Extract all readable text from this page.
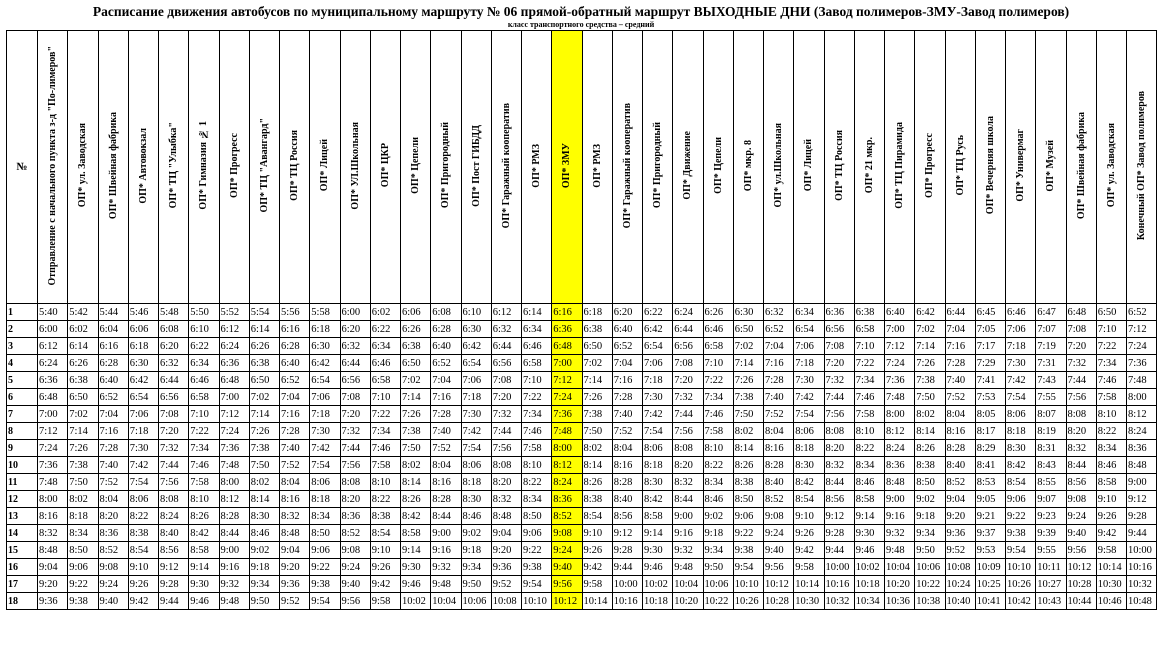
Расписание движения автобусов по муниципальному маршруту № 06 прямой-обратный маршрут ВЫХОДНЫЕ ДНИ (Завод полимеров-ЗМУ-Завод полимеров)
класс транспортного средства – средний
№	Отправление с начального пункта з-д "По-лимеров"	ОП* ул. Заводская	ОП* Швейная фабрика	ОП* Автовокзал	ОП* ТЦ "Улыбка"	ОП* Гимназия № 1	ОП* Прогресс	ОП* ТЦ "Авангард"	ОП* ТЦ Россия	ОП* Лицей	ОП* УЛ.Школьная	ОП* ЦКР	ОП* Цепели	ОП* Пригородный	ОП* Пост ГИБДД	ОП* Гаражный кооператив	ОП* РМЗ	ОП* ЗМУ	ОП* РМЗ	ОП* Гаражный кооператив	ОП* Пригородный	ОП* Движение	ОП* Цепели	ОП* мкр. 8	ОП* ул.Школьная	ОП* Лицей	ОП* ТЦ Россия	ОП* 21 мкр.	ОП* ТЦ Пирамида	ОП* Прогресс	ОП* ТЦ Русь	ОП* Вечерняя школа	ОП* Универмаг	ОП* Музей	ОП* Швейная фабрика	ОП* ул. Заводская	Конечный ОП* Завод полимеров
1	5:40	5:42	5:44	5:46	5:48	5:50	5:52	5:54	5:56	5:58	6:00	6:02	6:06	6:08	6:10	6:12	6:14	6:16	6:18	6:20	6:22	6:24	6:26	6:30	6:32	6:34	6:36	6:38	6:40	6:42	6:44	6:45	6:46	6:47	6:48	6:50	6:52
2	6:00	6:02	6:04	6:06	6:08	6:10	6:12	6:14	6:16	6:18	6:20	6:22	6:26	6:28	6:30	6:32	6:34	6:36	6:38	6:40	6:42	6:44	6:46	6:50	6:52	6:54	6:56	6:58	7:00	7:02	7:04	7:05	7:06	7:07	7:08	7:10	7:12
3	6:12	6:14	6:16	6:18	6:20	6:22	6:24	6:26	6:28	6:30	6:32	6:34	6:38	6:40	6:42	6:44	6:46	6:48	6:50	6:52	6:54	6:56	6:58	7:02	7:04	7:06	7:08	7:10	7:12	7:14	7:16	7:17	7:18	7:19	7:20	7:22	7:24
4	6:24	6:26	6:28	6:30	6:32	6:34	6:36	6:38	6:40	6:42	6:44	6:46	6:50	6:52	6:54	6:56	6:58	7:00	7:02	7:04	7:06	7:08	7:10	7:14	7:16	7:18	7:20	7:22	7:24	7:26	7:28	7:29	7:30	7:31	7:32	7:34	7:36
5	6:36	6:38	6:40	6:42	6:44	6:46	6:48	6:50	6:52	6:54	6:56	6:58	7:02	7:04	7:06	7:08	7:10	7:12	7:14	7:16	7:18	7:20	7:22	7:26	7:28	7:30	7:32	7:34	7:36	7:38	7:40	7:41	7:42	7:43	7:44	7:46	7:48
6	6:48	6:50	6:52	6:54	6:56	6:58	7:00	7:02	7:04	7:06	7:08	7:10	7:14	7:16	7:18	7:20	7:22	7:24	7:26	7:28	7:30	7:32	7:34	7:38	7:40	7:42	7:44	7:46	7:48	7:50	7:52	7:53	7:54	7:55	7:56	7:58	8:00
7	7:00	7:02	7:04	7:06	7:08	7:10	7:12	7:14	7:16	7:18	7:20	7:22	7:26	7:28	7:30	7:32	7:34	7:36	7:38	7:40	7:42	7:44	7:46	7:50	7:52	7:54	7:56	7:58	8:00	8:02	8:04	8:05	8:06	8:07	8:08	8:10	8:12
8	7:12	7:14	7:16	7:18	7:20	7:22	7:24	7:26	7:28	7:30	7:32	7:34	7:38	7:40	7:42	7:44	7:46	7:48	7:50	7:52	7:54	7:56	7:58	8:02	8:04	8:06	8:08	8:10	8:12	8:14	8:16	8:17	8:18	8:19	8:20	8:22	8:24
9	7:24	7:26	7:28	7:30	7:32	7:34	7:36	7:38	7:40	7:42	7:44	7:46	7:50	7:52	7:54	7:56	7:58	8:00	8:02	8:04	8:06	8:08	8:10	8:14	8:16	8:18	8:20	8:22	8:24	8:26	8:28	8:29	8:30	8:31	8:32	8:34	8:36
10	7:36	7:38	7:40	7:42	7:44	7:46	7:48	7:50	7:52	7:54	7:56	7:58	8:02	8:04	8:06	8:08	8:10	8:12	8:14	8:16	8:18	8:20	8:22	8:26	8:28	8:30	8:32	8:34	8:36	8:38	8:40	8:41	8:42	8:43	8:44	8:46	8:48
11	7:48	7:50	7:52	7:54	7:56	7:58	8:00	8:02	8:04	8:06	8:08	8:10	8:14	8:16	8:18	8:20	8:22	8:24	8:26	8:28	8:30	8:32	8:34	8:38	8:40	8:42	8:44	8:46	8:48	8:50	8:52	8:53	8:54	8:55	8:56	8:58	9:00
12	8:00	8:02	8:04	8:06	8:08	8:10	8:12	8:14	8:16	8:18	8:20	8:22	8:26	8:28	8:30	8:32	8:34	8:36	8:38	8:40	8:42	8:44	8:46	8:50	8:52	8:54	8:56	8:58	9:00	9:02	9:04	9:05	9:06	9:07	9:08	9:10	9:12
13	8:16	8:18	8:20	8:22	8:24	8:26	8:28	8:30	8:32	8:34	8:36	8:38	8:42	8:44	8:46	8:48	8:50	8:52	8:54	8:56	8:58	9:00	9:02	9:06	9:08	9:10	9:12	9:14	9:16	9:18	9:20	9:21	9:22	9:23	9:24	9:26	9:28
14	8:32	8:34	8:36	8:38	8:40	8:42	8:44	8:46	8:48	8:50	8:52	8:54	8:58	9:00	9:02	9:04	9:06	9:08	9:10	9:12	9:14	9:16	9:18	9:22	9:24	9:26	9:28	9:30	9:32	9:34	9:36	9:37	9:38	9:39	9:40	9:42	9:44
15	8:48	8:50	8:52	8:54	8:56	8:58	9:00	9:02	9:04	9:06	9:08	9:10	9:14	9:16	9:18	9:20	9:22	9:24	9:26	9:28	9:30	9:32	9:34	9:38	9:40	9:42	9:44	9:46	9:48	9:50	9:52	9:53	9:54	9:55	9:56	9:58	10:00
16	9:04	9:06	9:08	9:10	9:12	9:14	9:16	9:18	9:20	9:22	9:24	9:26	9:30	9:32	9:34	9:36	9:38	9:40	9:42	9:44	9:46	9:48	9:50	9:54	9:56	9:58	10:00	10:02	10:04	10:06	10:08	10:09	10:10	10:11	10:12	10:14	10:16
17	9:20	9:22	9:24	9:26	9:28	9:30	9:32	9:34	9:36	9:38	9:40	9:42	9:46	9:48	9:50	9:52	9:54	9:56	9:58	10:00	10:02	10:04	10:06	10:10	10:12	10:14	10:16	10:18	10:20	10:22	10:24	10:25	10:26	10:27	10:28	10:30	10:32
18	9:36	9:38	9:40	9:42	9:44	9:46	9:48	9:50	9:52	9:54	9:56	9:58	10:02	10:04	10:06	10:08	10:10	10:12	10:14	10:16	10:18	10:20	10:22	10:26	10:28	10:30	10:32	10:34	10:36	10:38	10:40	10:41	10:42	10:43	10:44	10:46	10:48
